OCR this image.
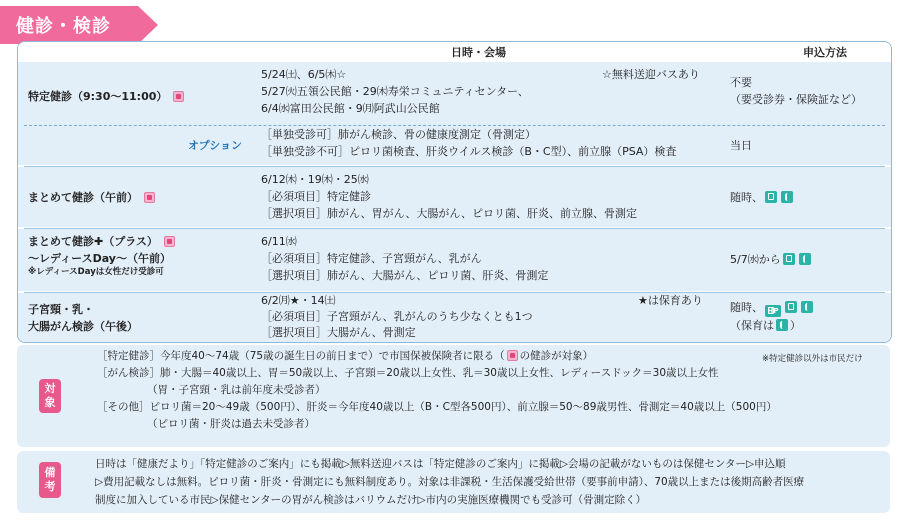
健診・検診
日時・会場	申込方法
特定健診（9:30～11:00）
5/24㈯、6/5㈭☆
5/27㈫五領公民館・29㈭寿栄コミュニティセンター、
6/4㈬富田公民館・9㈪阿武山公民館
☆無料送迎バスあり
不要
（要受診券・保険証など）
オプション
［単独受診可］肺がん検診、骨の健康度測定（骨測定）
［単独受診不可］ピロリ菌検査、肝炎ウイルス検診（B・C型）、前立腺（PSA）検査	当日
まとめて健診（午前）
6/12㈭・19㈭・25㈬
［必須項目］特定健診
［選択項目］肺がん、胃がん、大腸がん、ピロリ菌、肝炎、前立腺、骨測定
随時、
まとめて健診✚（プラス）
～レディースDay～（午前）
※レディースDayは女性だけ受診可
6/11㈬
［必須項目］特定健診、子宮頸がん、乳がん
［選択項目］肺がん、大腸がん、ピロリ菌、肝炎、骨測定
5/7㈬から
子宮頸・乳・
大腸がん検診（午後）
6/2㈪★・14㈯
［必須項目］子宮頸がん、乳がんのうち少なくとも1つ
［選択項目］大腸がん、骨測定
★は保育あり
随時、 HP
（保育は ）
対
象
［特定健診］今年度40～74歳（75歳の誕生日の前日まで）で市国保被保険者に限る（ の健診が対象）
［がん検診］肺・大腸＝40歳以上、胃＝50歳以上、子宮頸＝20歳以上女性、乳＝30歳以上女性、レディースドック＝30歳以上女性
（胃・子宮頸・乳は前年度未受診者）
［その他］ピロリ菌＝20～49歳（500円）、肝炎＝今年度40歳以上（B・C型各500円）、前立腺＝50～89歳男性、骨測定＝40歳以上（500円）
（ピロリ菌・肝炎は過去未受診者）
※特定健診以外は市民だけ
備
考
日時は「健康だより」「特定健診のご案内」にも掲載▷無料送迎バスは「特定健診のご案内」に掲載▷会場の記載がないものは保健センター▷申込順
▷費用記載なしは無料。ピロリ菌・肝炎・骨測定にも無料制度あり。対象は非課税・生活保護受給世帯（要事前申請）、70歳以上または後期高齢者医療
制度に加入している市民▷保健センターの胃がん検診はバリウムだけ▷市内の実施医療機関でも受診可（骨測定除く）
